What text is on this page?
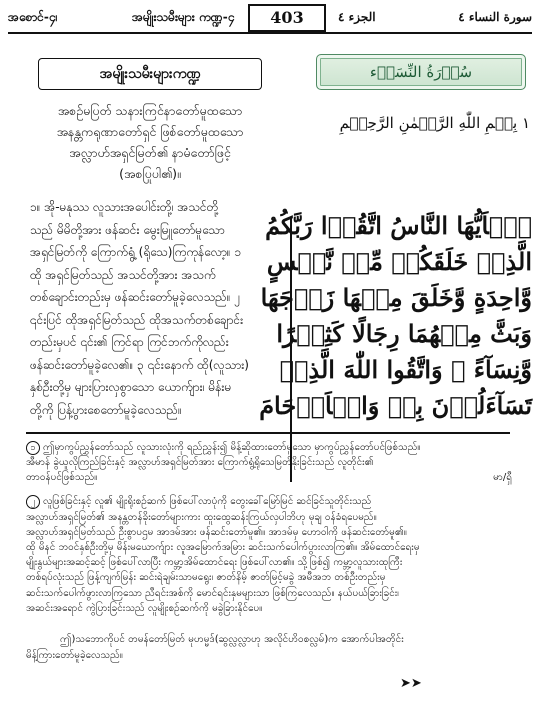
အစောင်-၄၊	အမျိုးသမီးများ ကဏ္ဍ-၄	403	الجزء ٤	سورة النساء ٤
အမျိုးသမီးများကဏ္ဍ	سُوۡرَةُ النِّسَاۤء
အစဉ်မပြတ် သနားကြင်နာတော်မူထသော
အနန္တကရုဏာတော်ရှင် ဖြစ်တော်မူထသော
အလ္လာဟ်အရှင်မြတ်၏ နာမံတော်ဖြင့်
(အစပြုပါ၏)။
١ بِسۡمِ اللّٰهِ الرَّحۡمٰنِ الرَّحِيۡمِ
၁။ အို-မနုဿ လူသားအပေါင်းတို့၊ အသင်တို့
သည် မိမိတို့အား ဖန်ဆင်း မွေးမြူတော်မူသော
အရှင်မြတ်ကို ကြောက်ရွံ့ (ရိုသေ)ကြကုန်လော့။ ၁
ထို အရှင်မြတ်သည် အသင်တို့အား အသက်
တစ်ချောင်းတည်းမှ ဖန်ဆင်းတော်မူခဲ့လေသည်။ ၂
၎င်းပြင် ထိုအရှင်မြတ်သည် ထိုအသက်တစ်ချောင်း
တည်းမှပင် ၎င်း၏ ကြင်ရာ ကြင်ဘက်ကိုလည်း
ဖန်ဆင်းတော်မူခဲ့လေ၏။ ၃ ၎င်းနောက် ထို(လူသား)
နှစ်ဦးတို့မှ များပြားလှစွာသော ယောက်ျား၊ မိန်းမ
တို့ကို ပြန့်ပွားစေတော်မူခဲ့လေသည်။
يٰۤاَيُّهَا النَّاسُ اتَّقُوۡا رَبَّكُمُ
الَّذِىۡ خَلَقَكُمۡ مِّنۡ نَّفۡسٍ
وَّاحِدَةٍ وَّخَلَقَ مِنۡهَا زَوۡجَهَا
وَبَثَّ مِنۡهُمَا رِجَالًا كَثِيۡرًا
وَّنِسَآءً ۚ وَاتَّقُوا اللّٰهَ الَّذِىۡ
تَسَآءَلُوۡنَ بِهٖ وَالۡاَرۡحَامَ
၁ ဤမှာကွပ်ညွှန်တော်သည် လူသားလုံးကို ရည်ညွှန်း၍ မိန့်ဆိုထားတော်မူသော မှာကွပ်ညွှန်တော်ပင်ဖြစ်သည်။
အီမာန် ခွဲယူလိုကြည်ခြင်းနှင့် အလ္လာဟ်အရှင်မြတ်အား ကြောက်ရွံ့ရိုသေမြတ်နိုးခြင်းသည် လူတိုင်း၏
တာဝန်ပင်ဖြစ်သည်။	မာ/ရှီ
၂ လူဖြစ်ခြင်းနှင့် လူ၏ မျိုးရိုးစဉ်ဆက် ဖြစ်ပေါ်လာပုံကို တွေးခေါ်မြော်မြင် ဆင်ခြင်သူတိုင်းသည်
အလ္လာဟ်အရှင်မြတ်၏ အနန္တတန်ခိုးတော်များကား ထူးထွေဆန်းကြယ်လှပါဘိဟု မုချ ဝန်ခံရပေမည်။
အလ္လာဟ်အရှင်မြတ်သည် ဦးစွာပဌမ အာဒမ်အား ဖန်ဆင်းတော်မူ၏။ အာဒမ်မှ ဟောဝါကို ဖန်ဆင်းတော်မူ၏။
ထို မိနင် ဘဝင်နှစ်ဦးတို့မှ မိန်းမယောက်ျား လူအမြောက်အမြား ဆင်းသက်ပေါက်ပွားလာကြ၏။ အိမ်ထောင်ရေးမှ
မျိုးနွယ်များအဆင့်ဆင့် ဖြစ်ပေါ်လာပြီး ကမ္ဘာ့အိမ်ထောင်ရေး ဖြစ်ပေါ်လာ၏။ သို့ဖြစ်၍ ကမ္ဘာ့လူသားထုကြီး
တစ်ရပ်လုံးသည် ဖြန့်ကျက်မြန်း ဆင်းရဲချမ်းသာမရွေး၊ ဇာတ်နိမ့် ဇာတ်မြင့်မခွဲ အမီအဘ တစ်ဦးတည်းမှ
ဆင်းသက်ပေါက်ဖွားလာကြသော ညီရင်းအစ်ကို မောင်ရင်းနှမများသာ ဖြစ်ကြလေသည်။ နယ်ပယ်ခြားခြင်း၊
အဆင်းအရောင် ကွဲပြားခြင်းသည် လူမျိုးစဉ်ဆက်ကို မခွဲခြားနိုင်ပေ။
ဤ)သဘောကိုပင် တမန်တော်မြတ် မုဟမ္မဒ်(ဆွလ္လလ္လာဟု အလိုင်ဟိဝစလ္လမ်)က အောက်ပါအတိုင်း
မိန့်ကြားတော်မူခဲ့လေသည်။
➤➤
